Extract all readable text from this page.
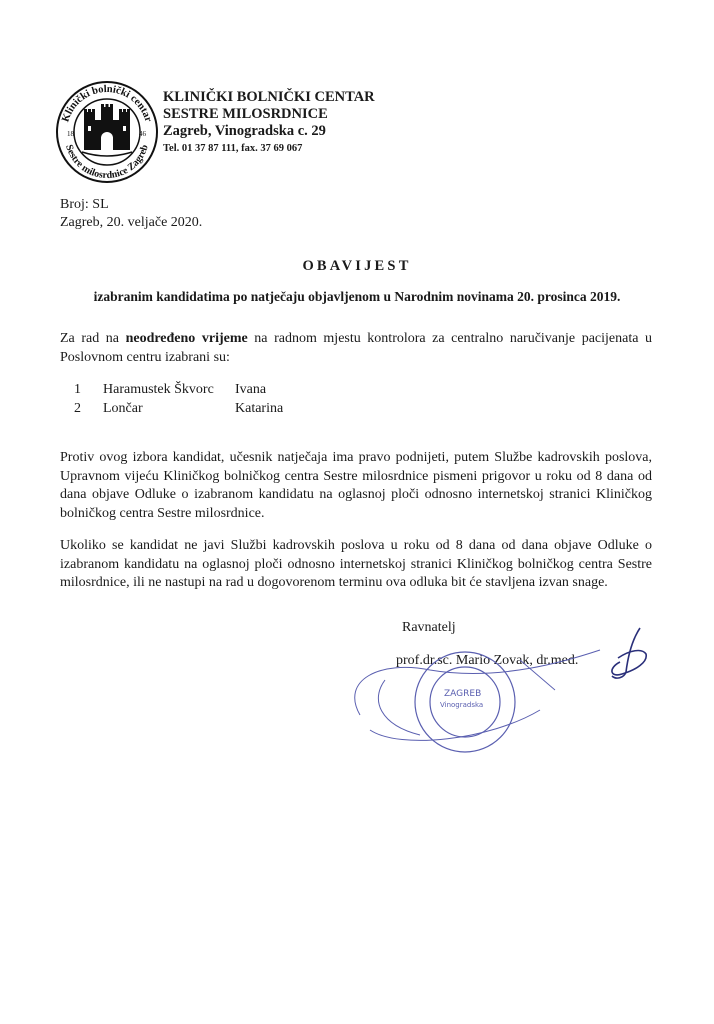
Klinički bolnički centar
Sestre milosrdnice Zagreb
18	46
KLINIČKI BOLNIČKI CENTAR
SESTRE MILOSRDNICE
Zagreb, Vinogradska c. 29
Tel. 01 37 87 111, fax. 37 69 067
Broj: SL
Zagreb, 20. veljače 2020.
OBAVIJEST
izabranim kandidatima po natječaju objavljenom u Narodnim novinama 20. prosinca 2019.
Za rad na neodređeno vrijeme na radnom mjestu kontrolora za centralno naručivanje pacijenata u Poslovnom centru izabrani su:
1	Haramustek Škvorc	Ivana
2	Lončar	Katarina
Protiv ovog izbora kandidat, učesnik natječaja ima pravo podnijeti, putem Službe kadrovskih poslova, Upravnom vijeću Kliničkog bolničkog centra Sestre milosrdnice pismeni prigovor u roku od 8 dana od dana objave Odluke o izabranom kandidatu na oglasnoj ploči odnosno internetskoj stranici Kliničkog bolničkog centra Sestre milosrdnice.
Ukoliko se kandidat ne javi Službi kadrovskih poslova u roku od 8 dana od dana objave Odluke o izabranom kandidatu na oglasnoj ploči odnosno internetskoj stranici Kliničkog bolničkog centra Sestre milosrdnice, ili ne nastupi na rad u dogovorenom terminu ova odluka bit će stavljena izvan snage.
Ravnatelj
prof.dr.sc. Mario Zovak, dr.med.
ZAGREB
Vinogradska
